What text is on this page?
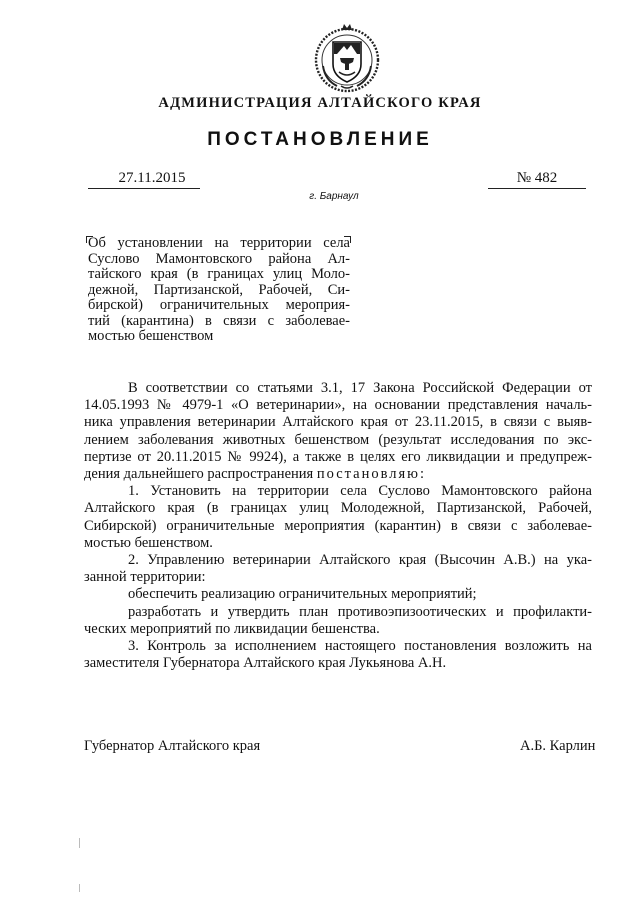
АДМИНИСТРАЦИЯ АЛТАЙСКОГО КРАЯ
ПОСТАНОВЛЕНИЕ
27.11.2015
г. Барнаул
№ 482
Об установлении на территории села
Суслово Мамонтовского района Ал-
тайского края (в границах улиц Моло-
дежной, Партизанской, Рабочей, Си-
бирской) ограничительных мероприя-
тий (карантина) в связи с заболевае-
мостью бешенством
В соответствии со статьями 3.1, 17 Закона Российской Федерации от
14.05.1993 № 4979-1 «О ветеринарии», на основании представления началь-
ника управления ветеринарии Алтайского края от 23.11.2015, в связи с выяв-
лением заболевания животных бешенством (результат исследования по экс-
пертизе от 20.11.2015 № 9924), а также в целях его ликвидации и предупреж-
дения дальнейшего распространения постановляю:
1. Установить на территории села Суслово Мамонтовского района
Алтайского края (в границах улиц Молодежной, Партизанской, Рабочей,
Сибирской) ограничительные мероприятия (карантин) в связи с заболевае-
мостью бешенством.
2. Управлению ветеринарии Алтайского края (Высочин А.В.) на ука-
занной территории:
обеспечить реализацию ограничительных мероприятий;
разработать и утвердить план противоэпизоотических и профилакти-
ческих мероприятий по ликвидации бешенства.
3. Контроль за исполнением настоящего постановления возложить на
заместителя Губернатора Алтайского края Лукьянова А.Н.
Губернатор Алтайского края	А.Б. Карлин
